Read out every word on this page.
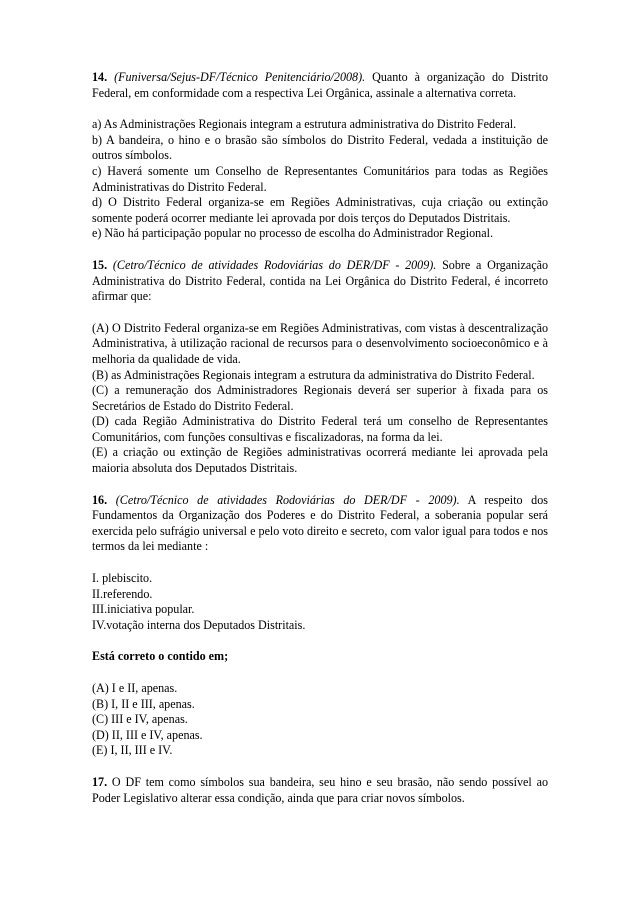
14. (Funiversa/Sejus-DF/Técnico Penitenciário/2008). Quanto à organização do Distrito Federal, em conformidade com a respectiva Lei Orgânica, assinale a alternativa correta.

a) As Administrações Regionais integram a estrutura administrativa do Distrito Federal.

b) A bandeira, o hino e o brasão são símbolos do Distrito Federal, vedada a instituição de outros símbolos.

c) Haverá somente um Conselho de Representantes Comunitários para todas as Regiões Administrativas do Distrito Federal.

d) O Distrito Federal organiza-se em Regiões Administrativas, cuja criação ou extinção somente poderá ocorrer mediante lei aprovada por dois terços do Deputados Distritais.

e) Não há participação popular no processo de escolha do Administrador Regional.

15. (Cetro/Técnico de atividades Rodoviárias do DER/DF - 2009). Sobre a Organização Administrativa do Distrito Federal, contida na Lei Orgânica do Distrito Federal, é incorreto afirmar que:

(A) O Distrito Federal organiza-se em Regiões Administrativas, com vistas à descentralização Administrativa, à utilização racional de recursos para o desenvolvimento socioeconômico e à melhoria da qualidade de vida.

(B) as Administrações Regionais integram a estrutura da administrativa do Distrito Federal.

(C) a remuneração dos Administradores Regionais deverá ser superior à fixada para os Secretários de Estado do Distrito Federal.

(D) cada Região Administrativa do Distrito Federal terá um conselho de Representantes Comunitários, com funções consultivas e fiscalizadoras, na forma da lei.

(E) a criação ou extinção de Regiões administrativas ocorrerá mediante lei aprovada pela maioria absoluta dos Deputados Distritais.

16. (Cetro/Técnico de atividades Rodoviárias do DER/DF - 2009). A respeito dos Fundamentos da Organização dos Poderes e do Distrito Federal, a soberania popular será exercida pelo sufrágio universal e pelo voto direito e secreto, com valor igual para todos e nos termos da lei mediante :

I. plebiscito.

II.referendo.

III.iniciativa popular.

IV.votação interna dos Deputados Distritais.

Está correto o contido em;

(A) I e II, apenas.

(B) I, II e III, apenas.

(C) III e IV, apenas.

(D) II, III e IV, apenas.

(E) I, II, III e IV.

17. O DF tem como símbolos sua bandeira, seu hino e seu brasão, não sendo possível ao Poder Legislativo alterar essa condição, ainda que para criar novos símbolos.
